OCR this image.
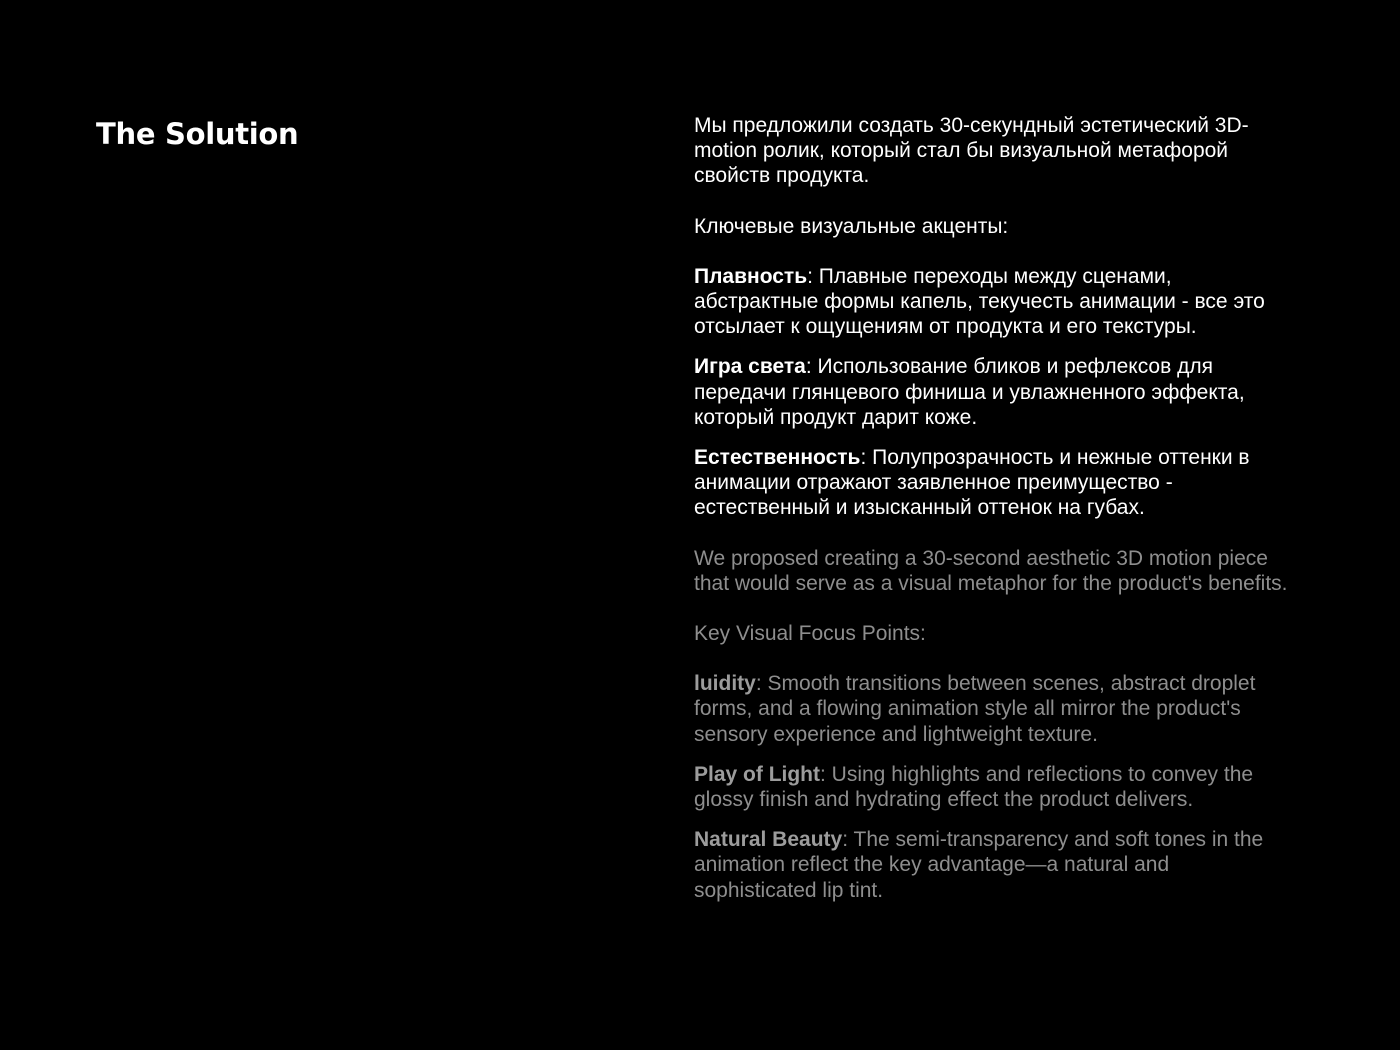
The Solution	Мы предложили создать 30-секундный эстетический 3D-motion ролик, который стал бы визуальной метафорой свойств продукта.

Ключевые визуальные акценты:

Плавность: Плавные переходы между сценами, абстрактные формы капель, текучесть анимации - все это отсылает к ощущениям от продукта и его текстуры.

Игра света: Использование бликов и рефлексов для передачи глянцевого финиша и увлажненного эффекта, который продукт дарит коже.

Естественность: Полупрозрачность и нежные оттенки в анимации отражают заявленное преимущество - естественный и изысканный оттенок на губах.

We proposed creating a 30-second aesthetic 3D motion piece that would serve as a visual metaphor for the product's benefits.

Key Visual Focus Points:

luidity: Smooth transitions between scenes, abstract droplet forms, and a flowing animation style all mirror the product's sensory experience and lightweight texture.

Play of Light: Using highlights and reflections to convey the glossy finish and hydrating effect the product delivers.

Natural Beauty: The semi-transparency and soft tones in the animation reflect the key advantage—a natural and sophisticated lip tint.
